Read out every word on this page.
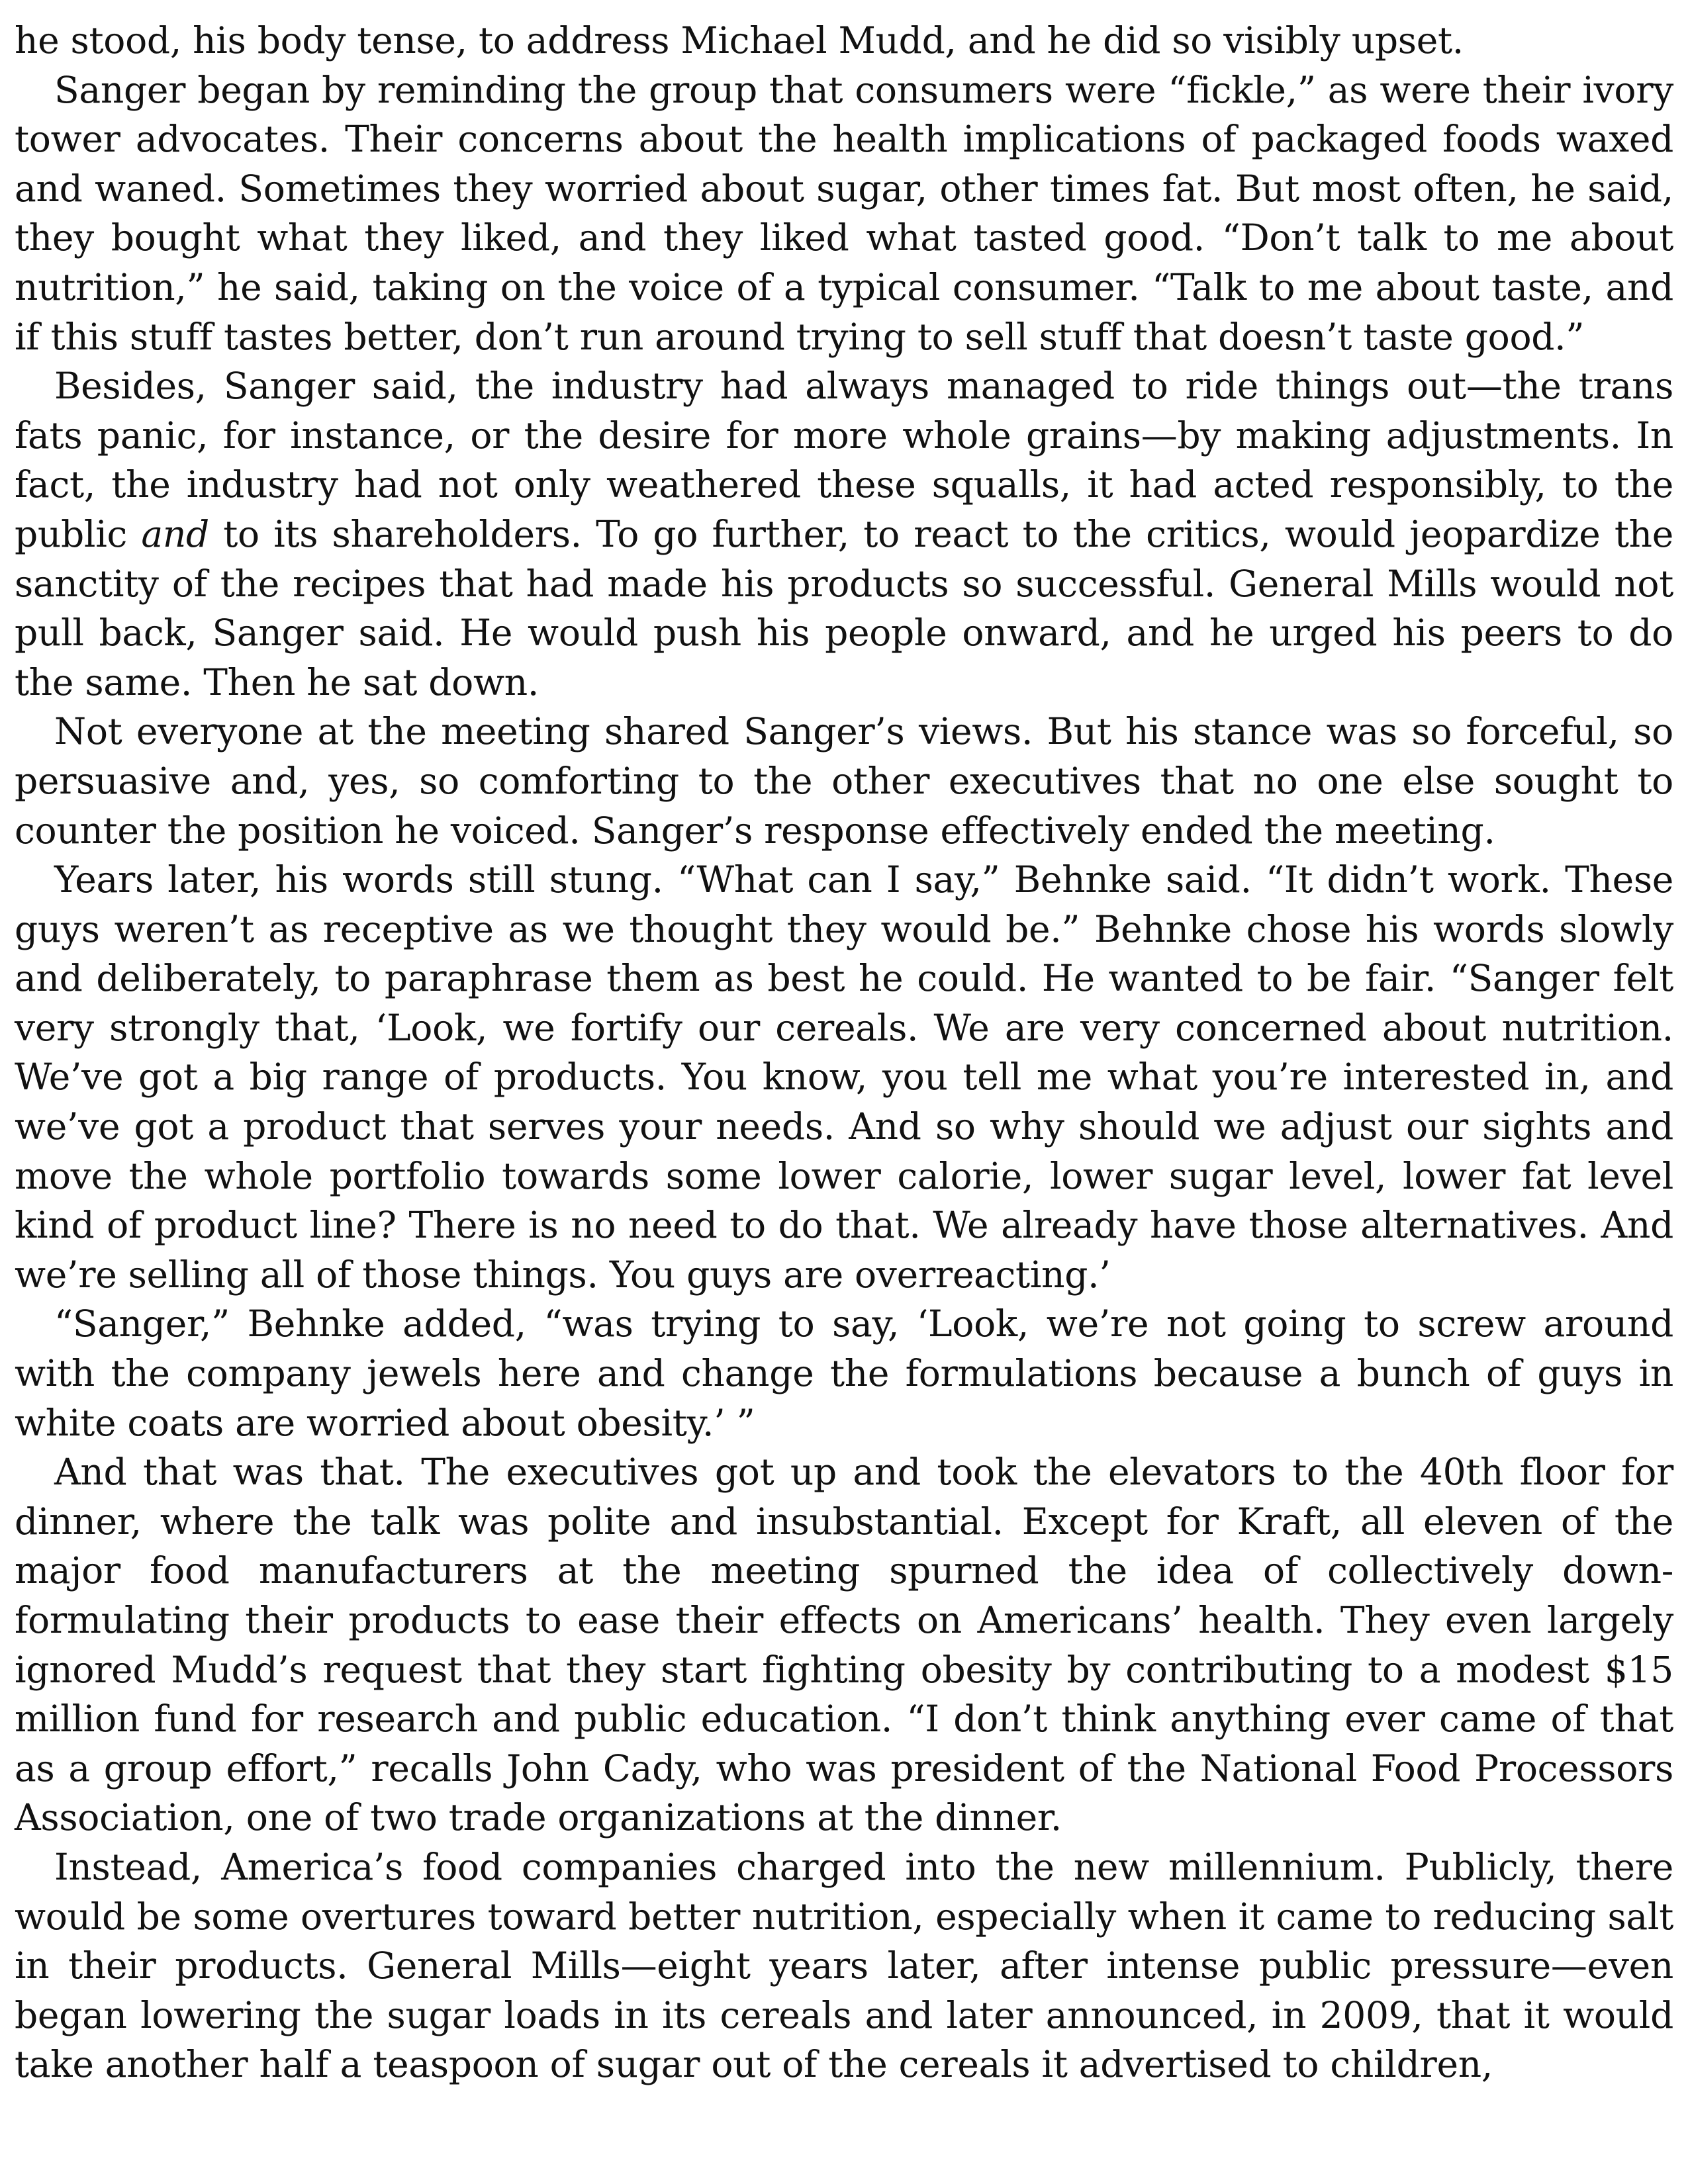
he stood, his body tense, to address Michael Mudd, and he did so visibly upset.

Sanger began by reminding the group that consumers were “fickle,” as were their ivory tower advocates. Their concerns about the health implications of packaged foods waxed and waned. Sometimes they worried about sugar, other times fat. But most often, he said, they bought what they liked, and they liked what tasted good. “Don’t talk to me about nutrition,” he said, taking on the voice of a typical consumer. “Talk to me about taste, and if this stuff tastes better, don’t run around trying to sell stuff that doesn’t taste good.”

Besides, Sanger said, the industry had always managed to ride things out—the trans fats panic, for instance, or the desire for more whole grains—by making adjustments. In fact, the industry had not only weathered these squalls, it had acted responsibly, to the public and to its shareholders. To go further, to react to the critics, would jeopardize the sanctity of the recipes that had made his products so successful. General Mills would not pull back, Sanger said. He would push his people onward, and he urged his peers to do the same. Then he sat down.

Not everyone at the meeting shared Sanger’s views. But his stance was so forceful, so persuasive and, yes, so comforting to the other executives that no one else sought to counter the position he voiced. Sanger’s response effectively ended the meeting.

Years later, his words still stung. “What can I say,” Behnke said. “It didn’t work. These guys weren’t as receptive as we thought they would be.” Behnke chose his words slowly and deliberately, to paraphrase them as best he could. He wanted to be fair. “Sanger felt very strongly that, ‘Look, we fortify our cereals. We are very concerned about nutrition. We’ve got a big range of products. You know, you tell me what you’re interested in, and we’ve got a product that serves your needs. And so why should we adjust our sights and move the whole portfolio towards some lower calorie, lower sugar level, lower fat level kind of product line? There is no need to do that. We already have those alternatives. And we’re selling all of those things. You guys are overreacting.’

“Sanger,” Behnke added, “was trying to say, ‘Look, we’re not going to screw around with the company jewels here and change the formulations because a bunch of guys in white coats are worried about obesity.’ ”

And that was that. The executives got up and took the elevators to the 40th floor for dinner, where the talk was polite and insubstantial. Except for Kraft, all eleven of the major food manufacturers at the meeting spurned the idea of collectively down-formulating their products to ease their effects on Americans’ health. They even largely ignored Mudd’s request that they start fighting obesity by contributing to a modest $15 million fund for research and public education. “I don’t think anything ever came of that as a group effort,” recalls John Cady, who was president of the National Food Processors Association, one of two trade organizations at the dinner.

Instead, America’s food companies charged into the new millennium. Publicly, there would be some overtures toward better nutrition, especially when it came to reducing salt in their products. General Mills—eight years later, after intense public pressure—even began lowering the sugar loads in its cereals and later announced, in 2009, that it would take another half a teaspoon of sugar out of the cereals it advertised to children,
